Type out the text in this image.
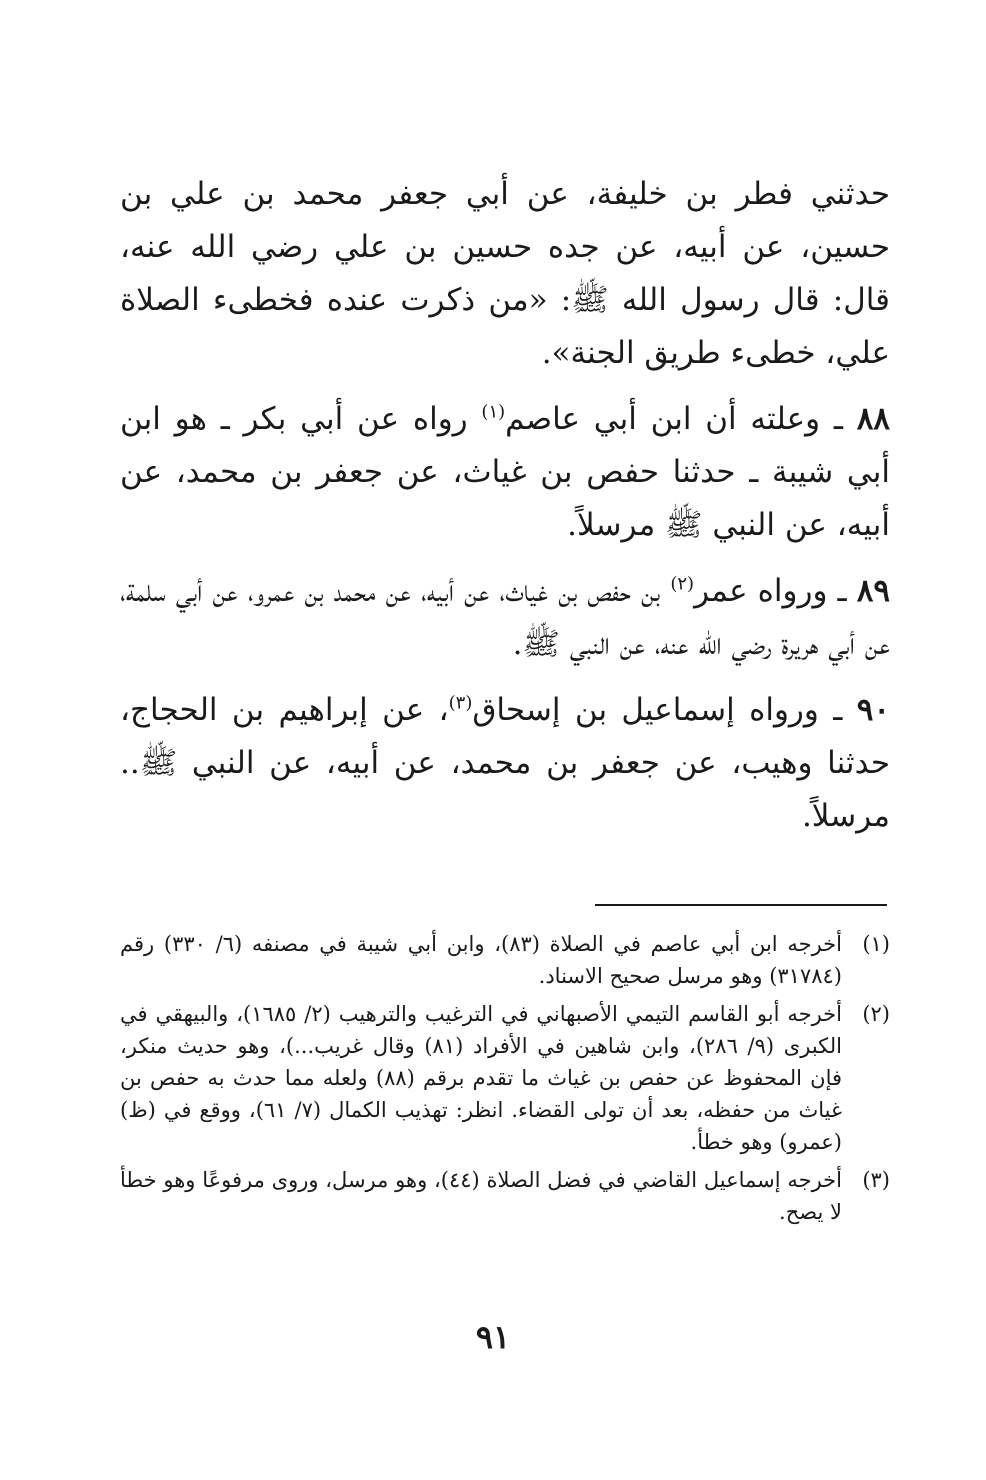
حدثني فطر بن خليفة، عن أبي جعفر محمد بن علي بن حسين، عن أبيه، عن جده حسين بن علي رضي الله عنه، قال: قال رسول الله ﷺ: «من ذكرت عنده فخطىء الصلاة علي، خطىء طريق الجنة».

٨٨ ـ وعلته أن ابن أبي عاصم$^{(١)}$ رواه عن أبي بكر ـ هو ابن أبي شيبة ـ حدثنا حفص بن غياث، عن جعفر بن محمد، عن أبيه، عن النبي ﷺ مرسلاً.

٨٩ ـ ورواه عمر$^{(٢)}$ بن حفص بن غياث، عن أبيه، عن محمد بن عمرو، عن أبي سلمة، عن أبي هريرة رضي الله عنه، عن النبي ﷺ.

٩٠ ـ ورواه إسماعيل بن إسحاق$^{(٣)}$، عن إبراهيم بن الحجاج، حدثنا وهيب، عن جعفر بن محمد، عن أبيه، عن النبي ﷺ.. مرسلاً.

(١)
أخرجه ابن أبي عاصم في الصلاة (٨٣)، وابن أبي شيبة في مصنفه (٦/ ٣٣٠) رقم (٣١٧٨٤) وهو مرسل صحيح الاسناد.
(٢)
أخرجه أبو القاسم التيمي الأصبهاني في الترغيب والترهيب (٢/ ١٦٨٥)، والبيهقي في الكبرى (٩/ ٢٨٦)، وابن شاهين في الأفراد (٨١) وقال غريب...)، وهو حديث منكر، فإن المحفوظ عن حفص بن غياث ما تقدم برقم (٨٨) ولعله مما حدث به حفص بن غياث من حفظه، بعد أن تولى القضاء. انظر: تهذيب الكمال (٧/ ٦١)، ووقع في (ظ) (عمرو) وهو خطأ.
(٣)
أخرجه إسماعيل القاضي في فضل الصلاة (٤٤)، وهو مرسل، وروى مرفوعًا وهو خطأ لا يصح.
٩١
